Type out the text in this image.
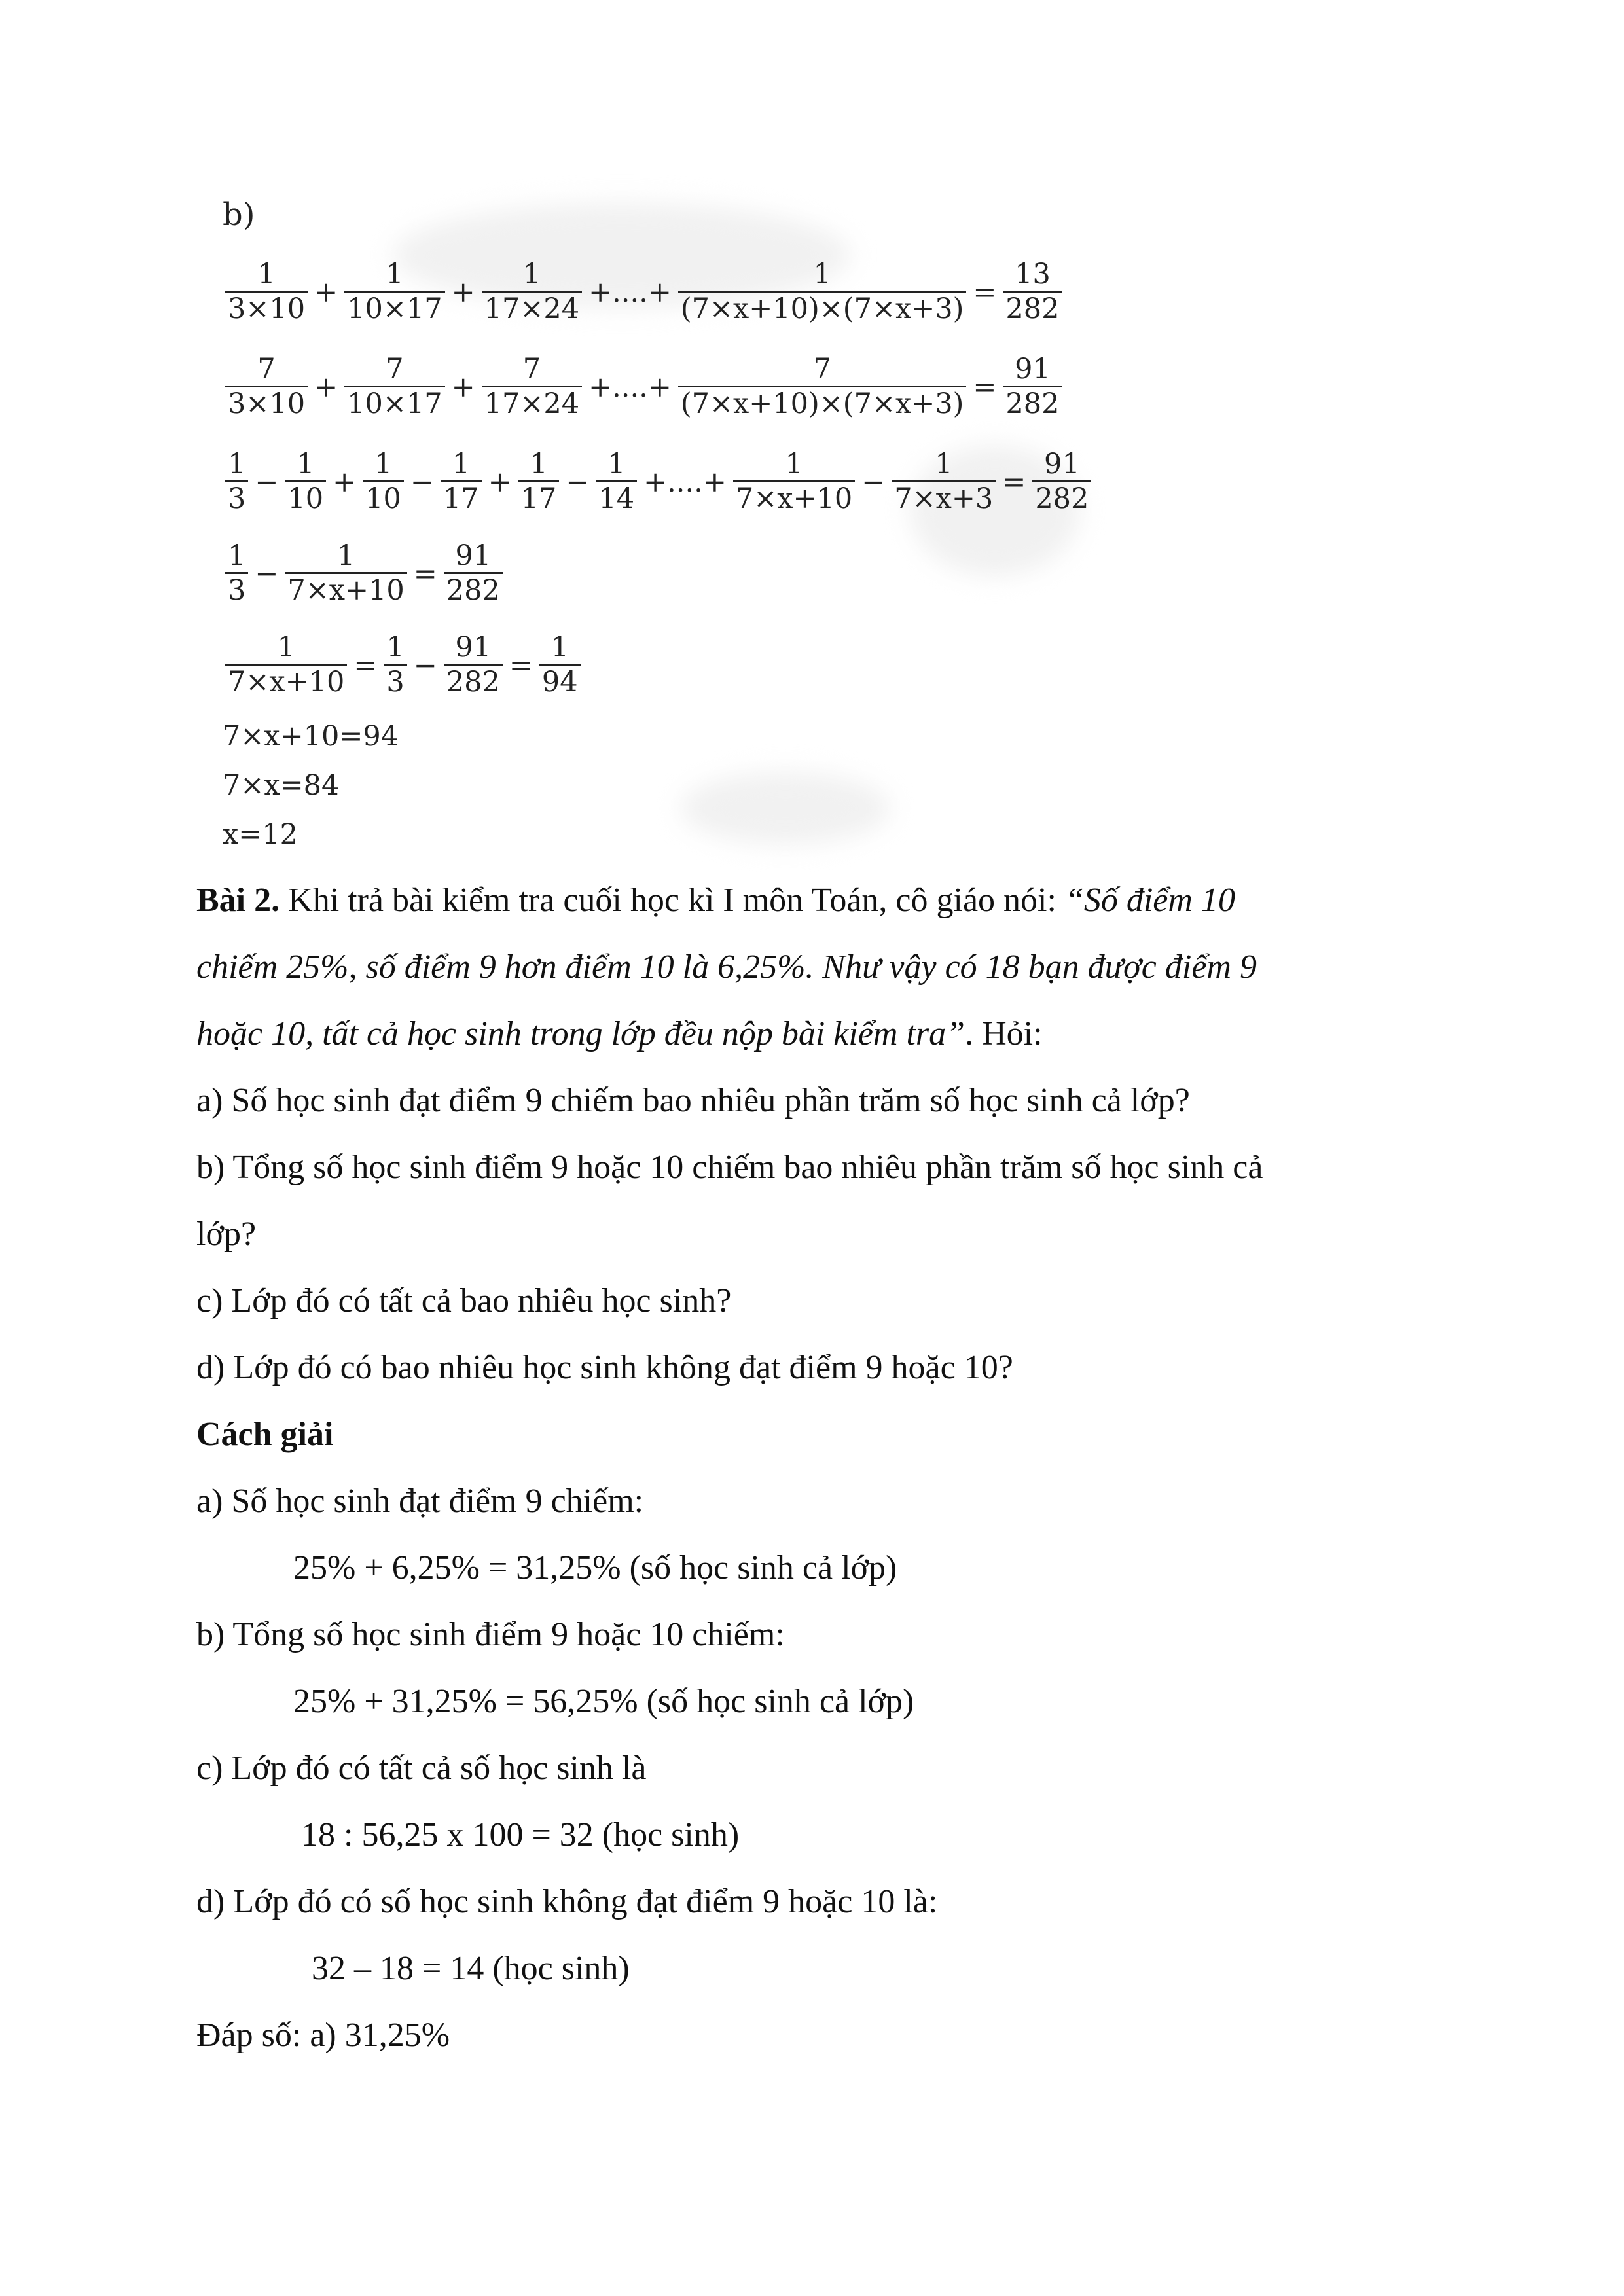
b)
$\frac{1}{3\times 10} + \frac{1}{10\times 17} + \frac{1}{17\times 24}$ +....+ $\frac{1}{(7\times x+10)\times(7\times x+3)} = \frac{13}{282}$
$\frac{7}{3\times 10} + \frac{7}{10\times 17} + \frac{7}{17\times 24}$ +....+ $\frac{7}{(7\times x+10)\times(7\times x+3)} = \frac{91}{282}$
$\frac{1}{3} - \frac{1}{10} + \frac{1}{10} - \frac{1}{17} + \frac{1}{17} - \frac{1}{14}$ +....+ $\frac{1}{7\times x+10} - \frac{1}{7\times x+3} = \frac{91}{282}$
$\frac{1}{3} - \frac{1}{7\times x+10} = \frac{91}{282}$
$\frac{1}{7\times x+10} = \frac{1}{3} - \frac{91}{282} = \frac{1}{94}$
7×x+10=94
7×x=84
x=12
Bài 2. Khi trả bài kiểm tra cuối học kì I môn Toán, cô giáo nói: “Số điểm 10
chiếm 25%, số điểm 9 hơn điểm 10 là 6,25%. Như vậy có 18 bạn được điểm 9
hoặc 10, tất cả học sinh trong lớp đều nộp bài kiểm tra”. Hỏi:
a) Số học sinh đạt điểm 9 chiếm bao nhiêu phần trăm số học sinh cả lớp?
b) Tổng số học sinh điểm 9 hoặc 10 chiếm bao nhiêu phần trăm số học sinh cả
lớp?
c) Lớp đó có tất cả bao nhiêu học sinh?
d) Lớp đó có bao nhiêu học sinh không đạt điểm 9 hoặc 10?
Cách giải
a) Số học sinh đạt điểm 9 chiếm:
25% + 6,25% = 31,25% (số học sinh cả lớp)
b) Tổng số học sinh điểm 9 hoặc 10 chiếm:
25% + 31,25% = 56,25% (số học sinh cả lớp)
c) Lớp đó có tất cả số học sinh là
18 : 56,25 x 100 = 32 (học sinh)
d) Lớp đó có số học sinh không đạt điểm 9 hoặc 10 là:
32 – 18 = 14 (học sinh)
Đáp số: a) 31,25%
